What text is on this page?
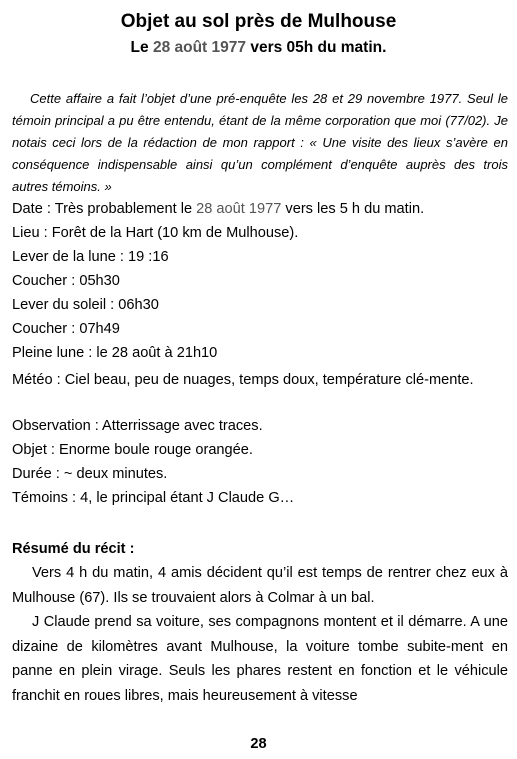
Objet au sol près de Mulhouse
Le 28 août 1977 vers 05h du matin.
Cette affaire a fait l’objet d’une pré-enquête les 28 et 29 novembre 1977. Seul le témoin principal a pu être entendu, étant de la même corporation que moi (77/02). Je notais ceci lors de la rédaction de mon rapport : « Une visite des lieux s’avère en conséquence indispensable ainsi qu’un complément d’enquête auprès des trois autres témoins. »
Date : Très probablement le 28 août 1977 vers les 5 h du matin.
Lieu : Forêt de la Hart (10 km de Mulhouse).
Lever de la lune : 19 :16
Coucher : 05h30
Lever du soleil : 06h30
Coucher : 07h49
Pleine lune : le 28 août à 21h10
Météo : Ciel beau, peu de nuages, temps doux, température clé-mente.
Observation : Atterrissage avec traces.
Objet : Enorme boule rouge orangée.
Durée : ~ deux minutes.
Témoins : 4, le principal étant J Claude G…
Résumé du récit :
Vers 4 h du matin, 4 amis décident qu’il est temps de rentrer chez eux à Mulhouse (67). Ils se trouvaient alors à Colmar à un bal.
J Claude prend sa voiture, ses compagnons montent et il démarre. A une dizaine de kilomètres avant Mulhouse, la voiture tombe subite-ment en panne en plein virage. Seuls les phares restent en fonction et le véhicule franchit en roues libres, mais heureusement à vitesse
28
